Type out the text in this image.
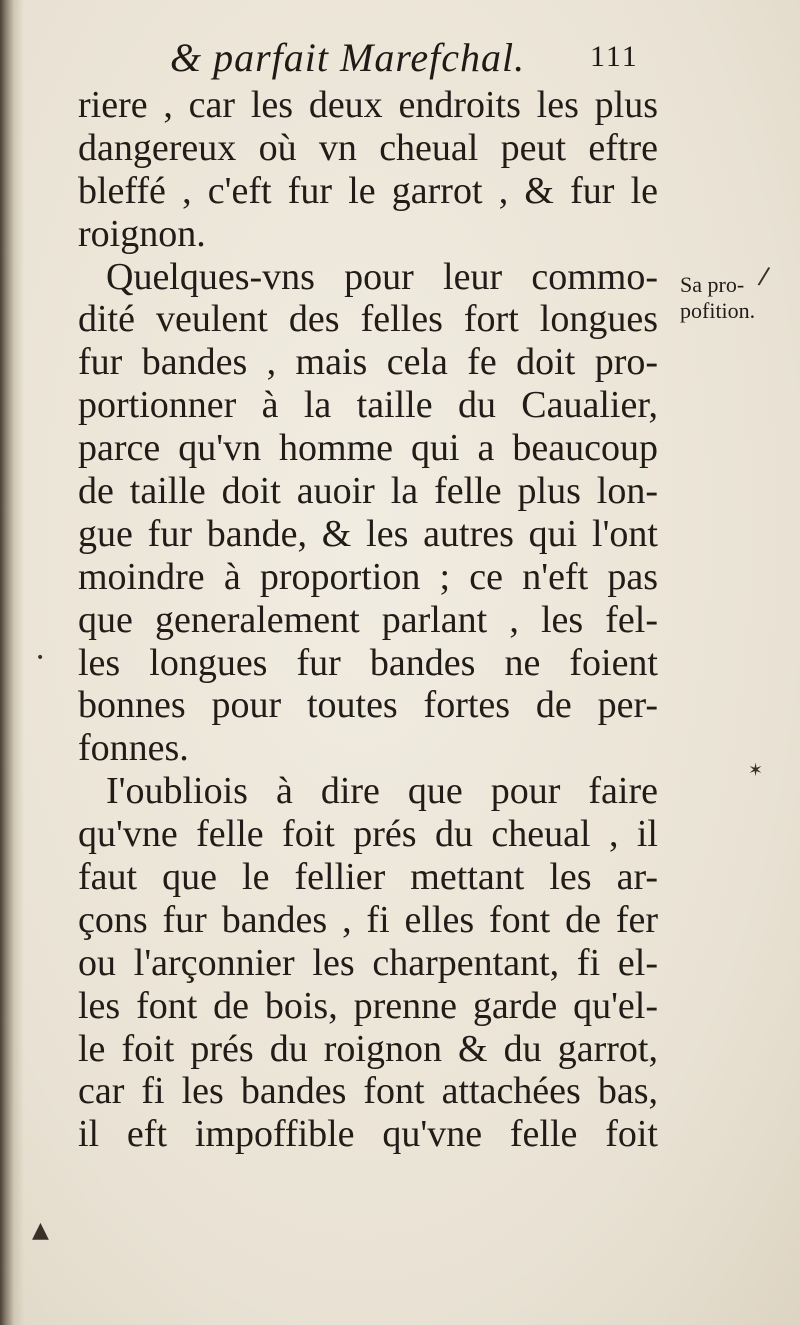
& parfait Marefchal. 111
riere , car les deux endroits les plus
dangereux où vn cheual peut eftre
bleffé , c'eft fur le garrot , & fur le
roignon.
Quelques-vns pour leur commo-
dité veulent des felles fort longues
fur bandes , mais cela fe doit pro-
portionner à la taille du Caualier,
parce qu'vn homme qui a beaucoup
de taille doit auoir la felle plus lon-
gue fur bande, & les autres qui l'ont
moindre à proportion ; ce n'eft pas
que generalement parlant , les fel-
les longues fur bandes ne foient
bonnes pour toutes fortes de per-
fonnes.
I'oubliois à dire que pour faire
qu'vne felle foit prés du cheual , il
faut que le fellier mettant les ar-
çons fur bandes , fi elles font de fer
ou l'arçonnier les charpentant, fi el-
les font de bois, prenne garde qu'el-
le foit prés du roignon & du garrot,
car fi les bandes font attachées bas,
il eft impoffible qu'vne felle foit
Sa pro-
pofition.
/
✶
•
▲
